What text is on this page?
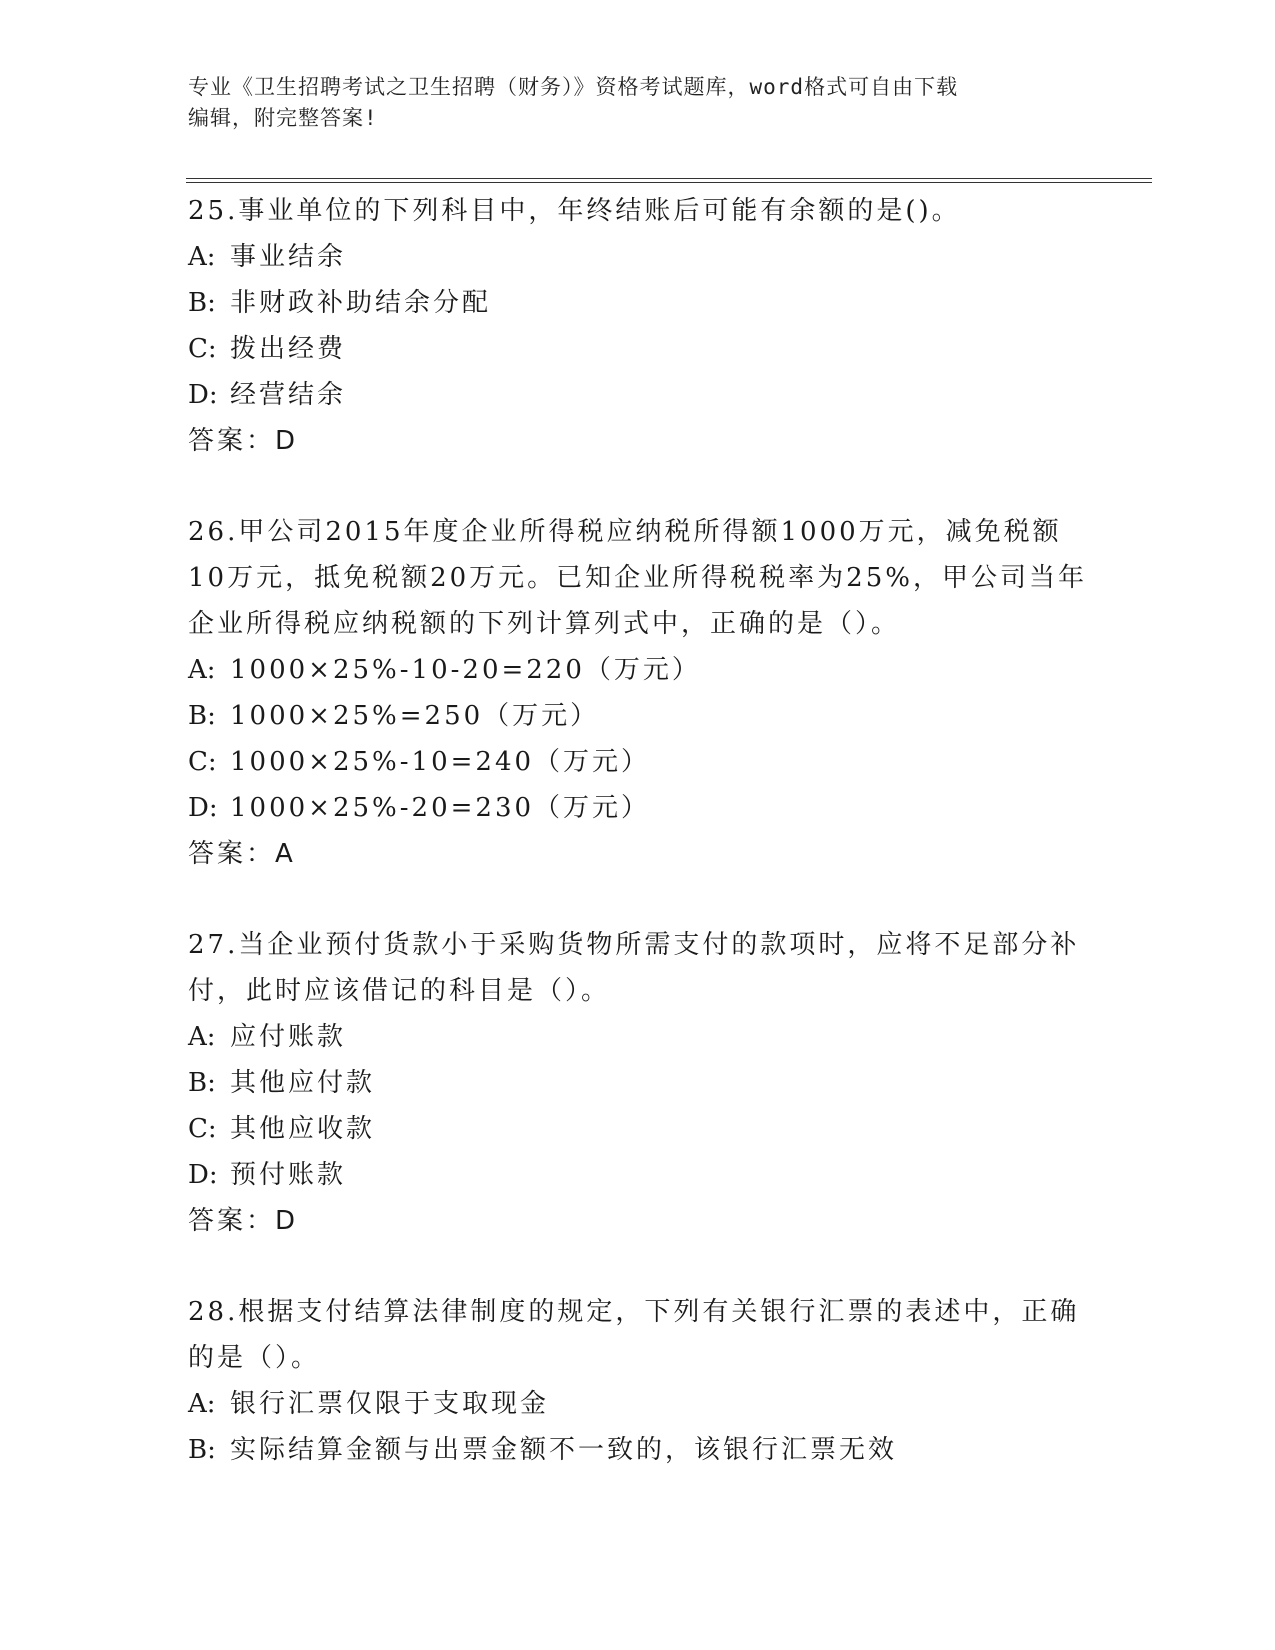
专业《卫生招聘考试之卫生招聘（财务）》资格考试题库，word格式可自由下载
编辑，附完整答案!
25.事业单位的下列科目中，年终结账后可能有余额的是()。
A: 事业结余
B: 非财政补助结余分配
C: 拨出经费
D: 经营结余
答案：D
26.甲公司2015年度企业所得税应纳税所得额1000万元，减免税额10万元，抵免税额20万元。已知企业所得税税率为25%，甲公司当年企业所得税应纳税额的下列计算列式中，正确的是（）。
A: 1000×25%-10-20=220（万元）
B: 1000×25%=250（万元）
C: 1000×25%-10=240（万元）
D: 1000×25%-20=230（万元）
答案：A
27.当企业预付货款小于采购货物所需支付的款项时，应将不足部分补付，此时应该借记的科目是（）。
A: 应付账款
B: 其他应付款
C: 其他应收款
D: 预付账款
答案：D
28.根据支付结算法律制度的规定，下列有关银行汇票的表述中，正确的是（）。
A: 银行汇票仅限于支取现金
B: 实际结算金额与出票金额不一致的，该银行汇票无效
